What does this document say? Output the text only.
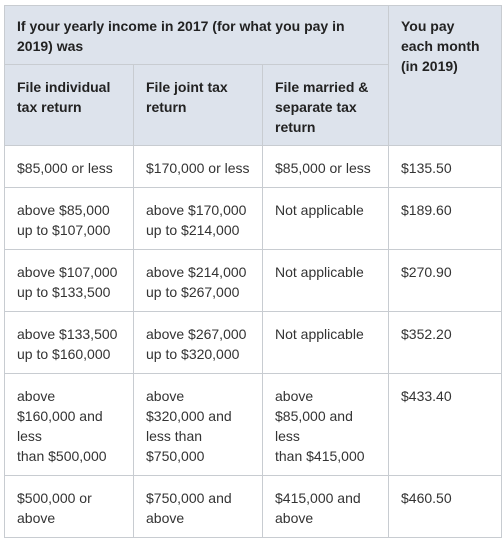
If your yearly income in 2017 (for what you pay in
2019) was			You pay
each month
(in 2019)

File individual
tax return	File joint tax
return	File married &
separate tax
return	

$85,000 or less	$170,000 or less	$85,000 or less	$135.50

above $85,000
up to $107,000	above $170,000
up to $214,000	Not applicable	$189.60

above $107,000
up to $133,500	above $214,000
up to $267,000	Not applicable	$270.90

above $133,500
up to $160,000	above $267,000
up to $320,000	Not applicable	$352.20

above
$160,000 and
less
than $500,000	above
$320,000 and
less than
$750,000	above
$85,000 and
less
than $415,000	$433.40

$500,000 or
above	$750,000 and
above	$415,000 and
above	$460.50
